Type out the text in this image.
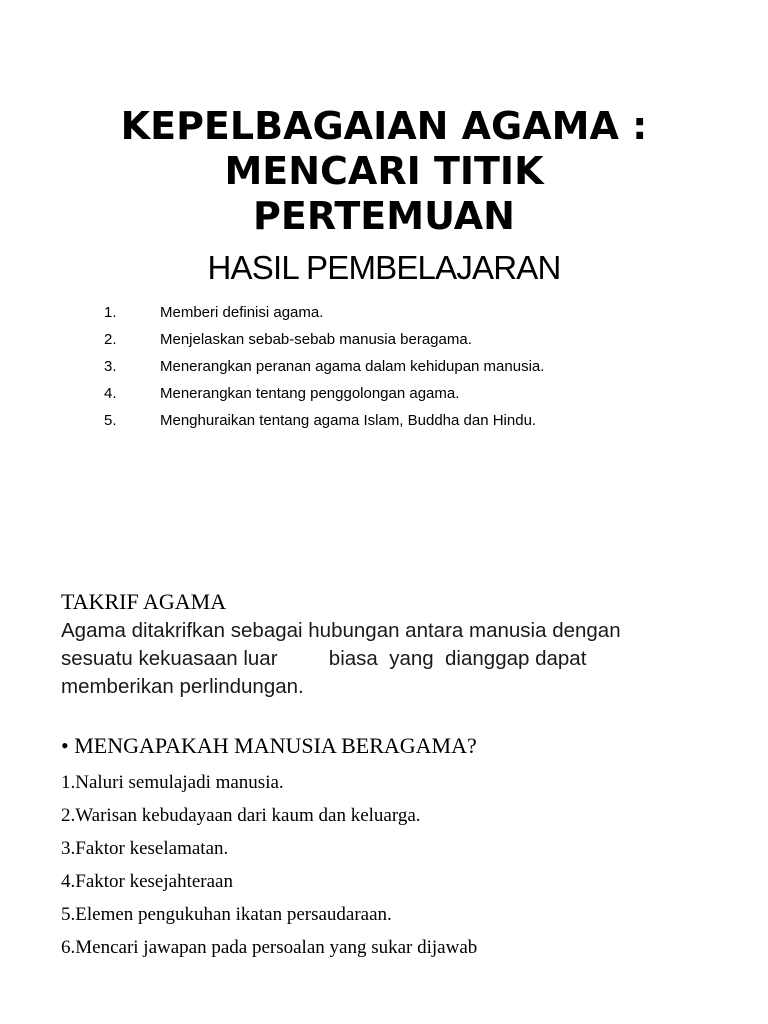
KEPELBAGAIAN AGAMA :
MENCARI TITIK
PERTEMUAN
HASIL PEMBELAJARAN
1.	Memberi definisi agama.
2.	Menjelaskan sebab-sebab manusia beragama.
3.	Menerangkan peranan agama dalam kehidupan manusia.
4.	Menerangkan tentang penggolongan agama.
5.	Menghuraikan tentang agama Islam, Buddha dan Hindu.
TAKRIF AGAMA

Agama ditakrifkan sebagai hubungan antara manusia dengan
sesuatu kekuasaan luar         biasa  yang  dianggap dapat
memberikan perlindungan.

• MENGAPAKAH MANUSIA BERAGAMA?
1.Naluri semulajadi manusia.
2.Warisan kebudayaan dari kaum dan keluarga.
3.Faktor keselamatan.
4.Faktor kesejahteraan
5.Elemen pengukuhan ikatan persaudaraan.
6.Mencari jawapan pada persoalan yang sukar dijawab
